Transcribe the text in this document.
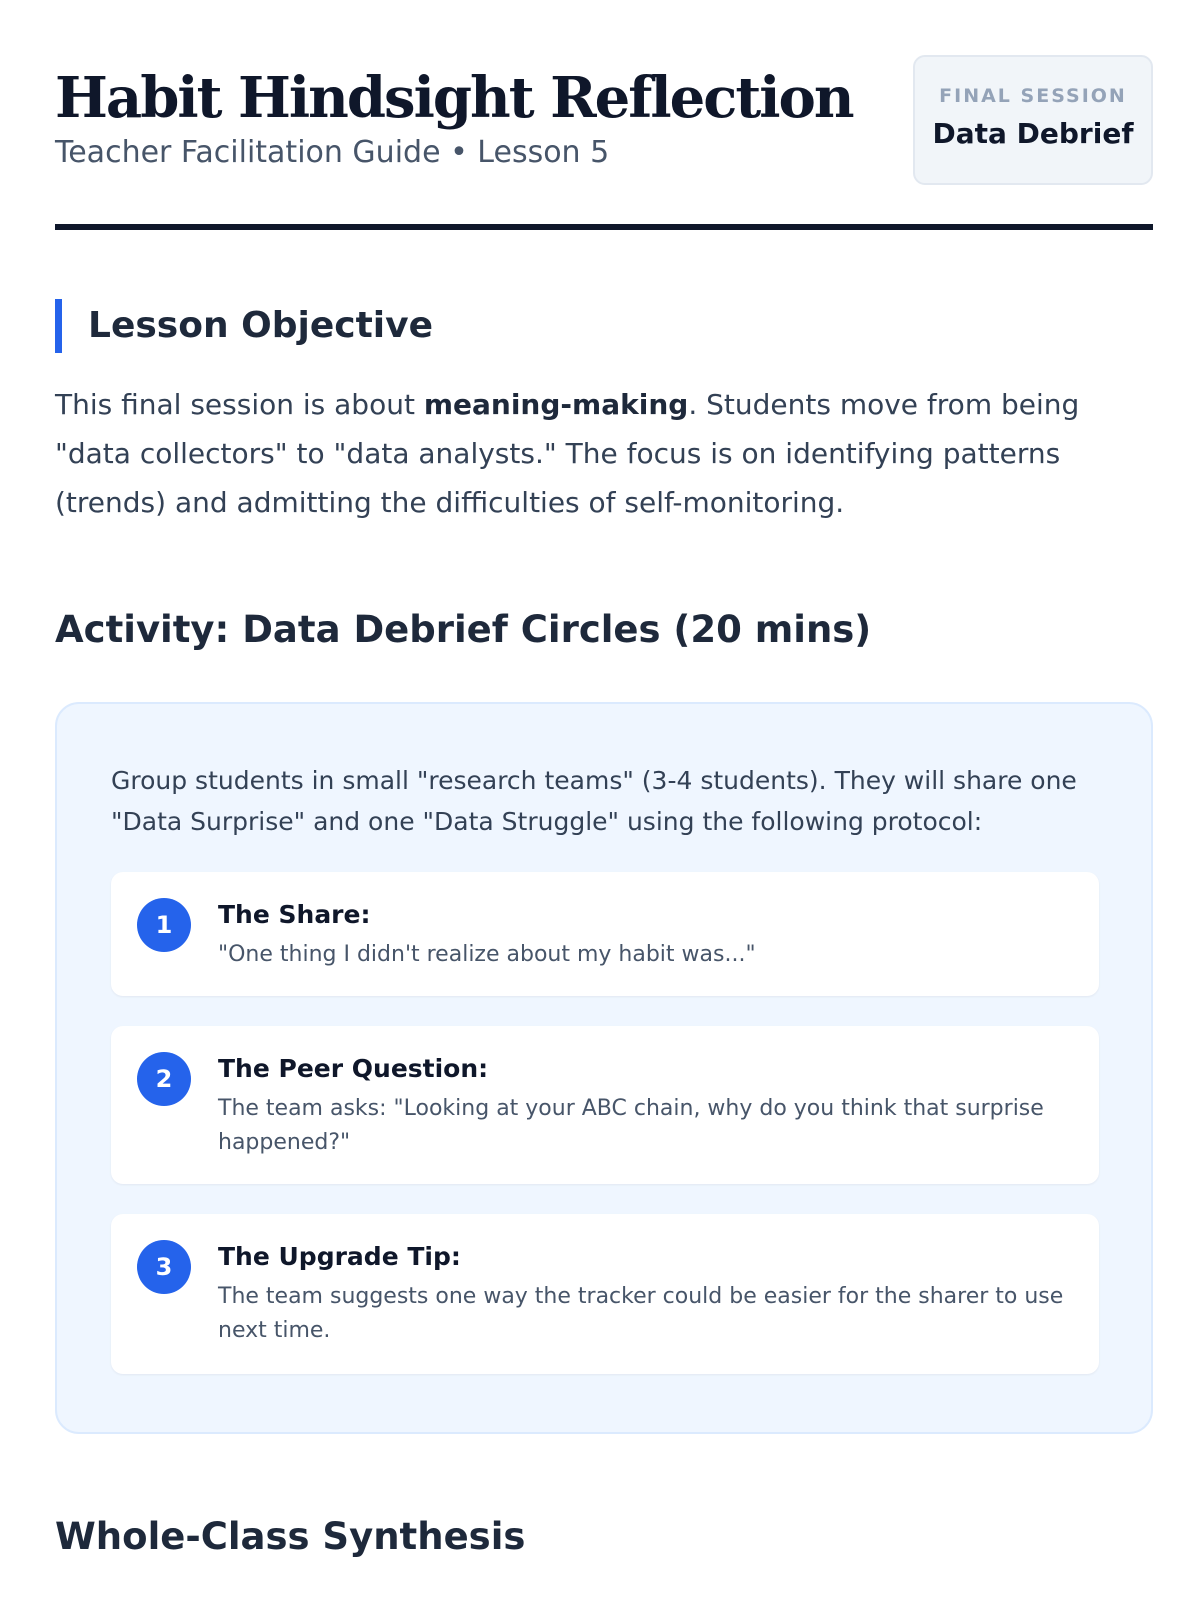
Habit Hindsight Reflection
Teacher Facilitation Guide • Lesson 5
FINAL SESSION
Data Debrief
Lesson Objective

This final session is about meaning-making. Students move from being "data collectors" to "data analysts." The focus is on identifying patterns (trends) and admitting the difficulties of self-monitoring.

Activity: Data Debrief Circles (20 mins)

Group students in small "research teams" (3-4 students). They will share one "Data Surprise" and one "Data Struggle" using the following protocol:

1	The Share:
"One thing I didn't realize about my habit was..."
2	The Peer Question:
The team asks: "Looking at your ABC chain, why do you think that surprise happened?"
3	The Upgrade Tip:
The team suggests one way the tracker could be easier for the sharer to use next time.
Whole-Class Synthesis
